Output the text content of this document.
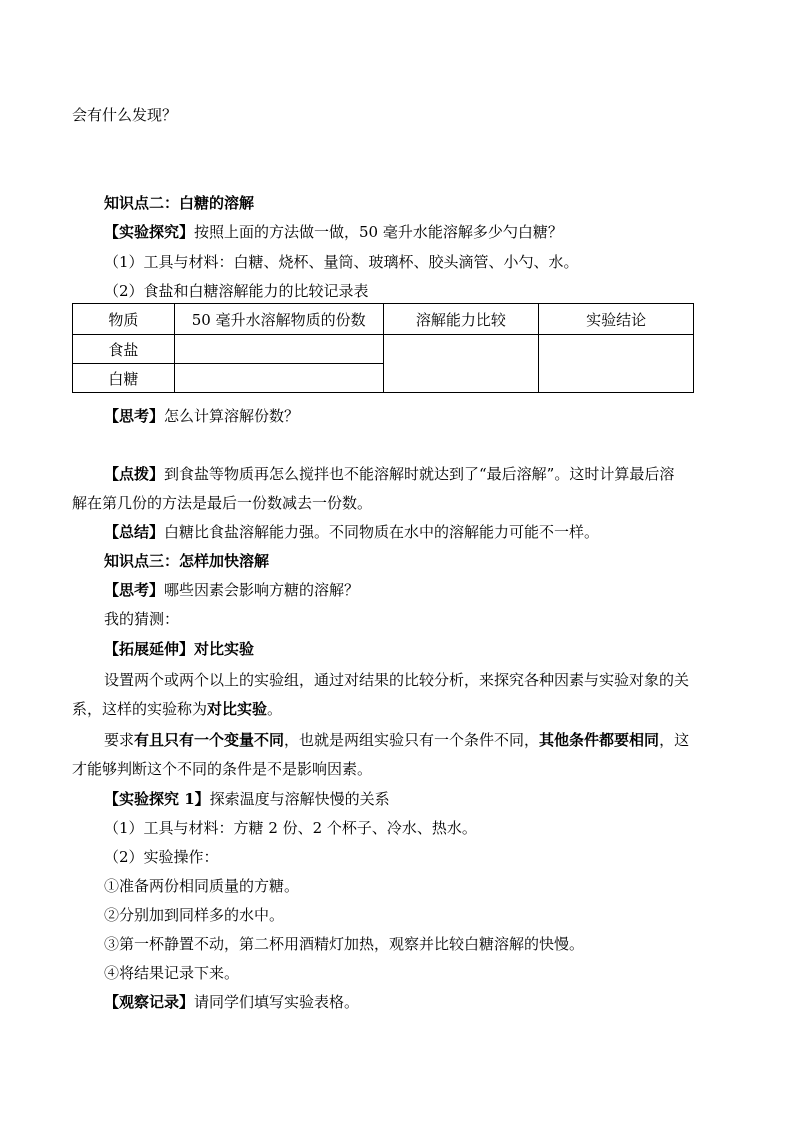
会有什么发现？
知识点二：白糖的溶解
【实验探究】按照上面的方法做一做，50 毫升水能溶解多少勺白糖？
（1）工具与材料：白糖、烧杯、量筒、玻璃杯、胶头滴管、小勺、水。
（2）食盐和白糖溶解能力的比较记录表
物质	50 毫升水溶解物质的份数	溶解能力比较	实验结论
食盐			
白糖			
【思考】怎么计算溶解份数？
【点拨】到食盐等物质再怎么搅拌也不能溶解时就达到了“最后溶解”。这时计算最后溶
解在第几份的方法是最后一份数减去一份数。
【总结】白糖比食盐溶解能力强。不同物质在水中的溶解能力可能不一样。
知识点三：怎样加快溶解
【思考】哪些因素会影响方糖的溶解？
我的猜测：
【拓展延伸】对比实验
设置两个或两个以上的实验组，通过对结果的比较分析，来探究各种因素与实验对象的关
系，这样的实验称为对比实验。
要求有且只有一个变量不同，也就是两组实验只有一个条件不同，其他条件都要相同，这
才能够判断这个不同的条件是不是影响因素。
【实验探究 1】探索温度与溶解快慢的关系
（1）工具与材料：方糖 2 份、2 个杯子、冷水、热水。
（2）实验操作：
①准备两份相同质量的方糖。
②分别加到同样多的水中。
③第一杯静置不动，第二杯用酒精灯加热，观察并比较白糖溶解的快慢。
④将结果记录下来。
【观察记录】请同学们填写实验表格。
